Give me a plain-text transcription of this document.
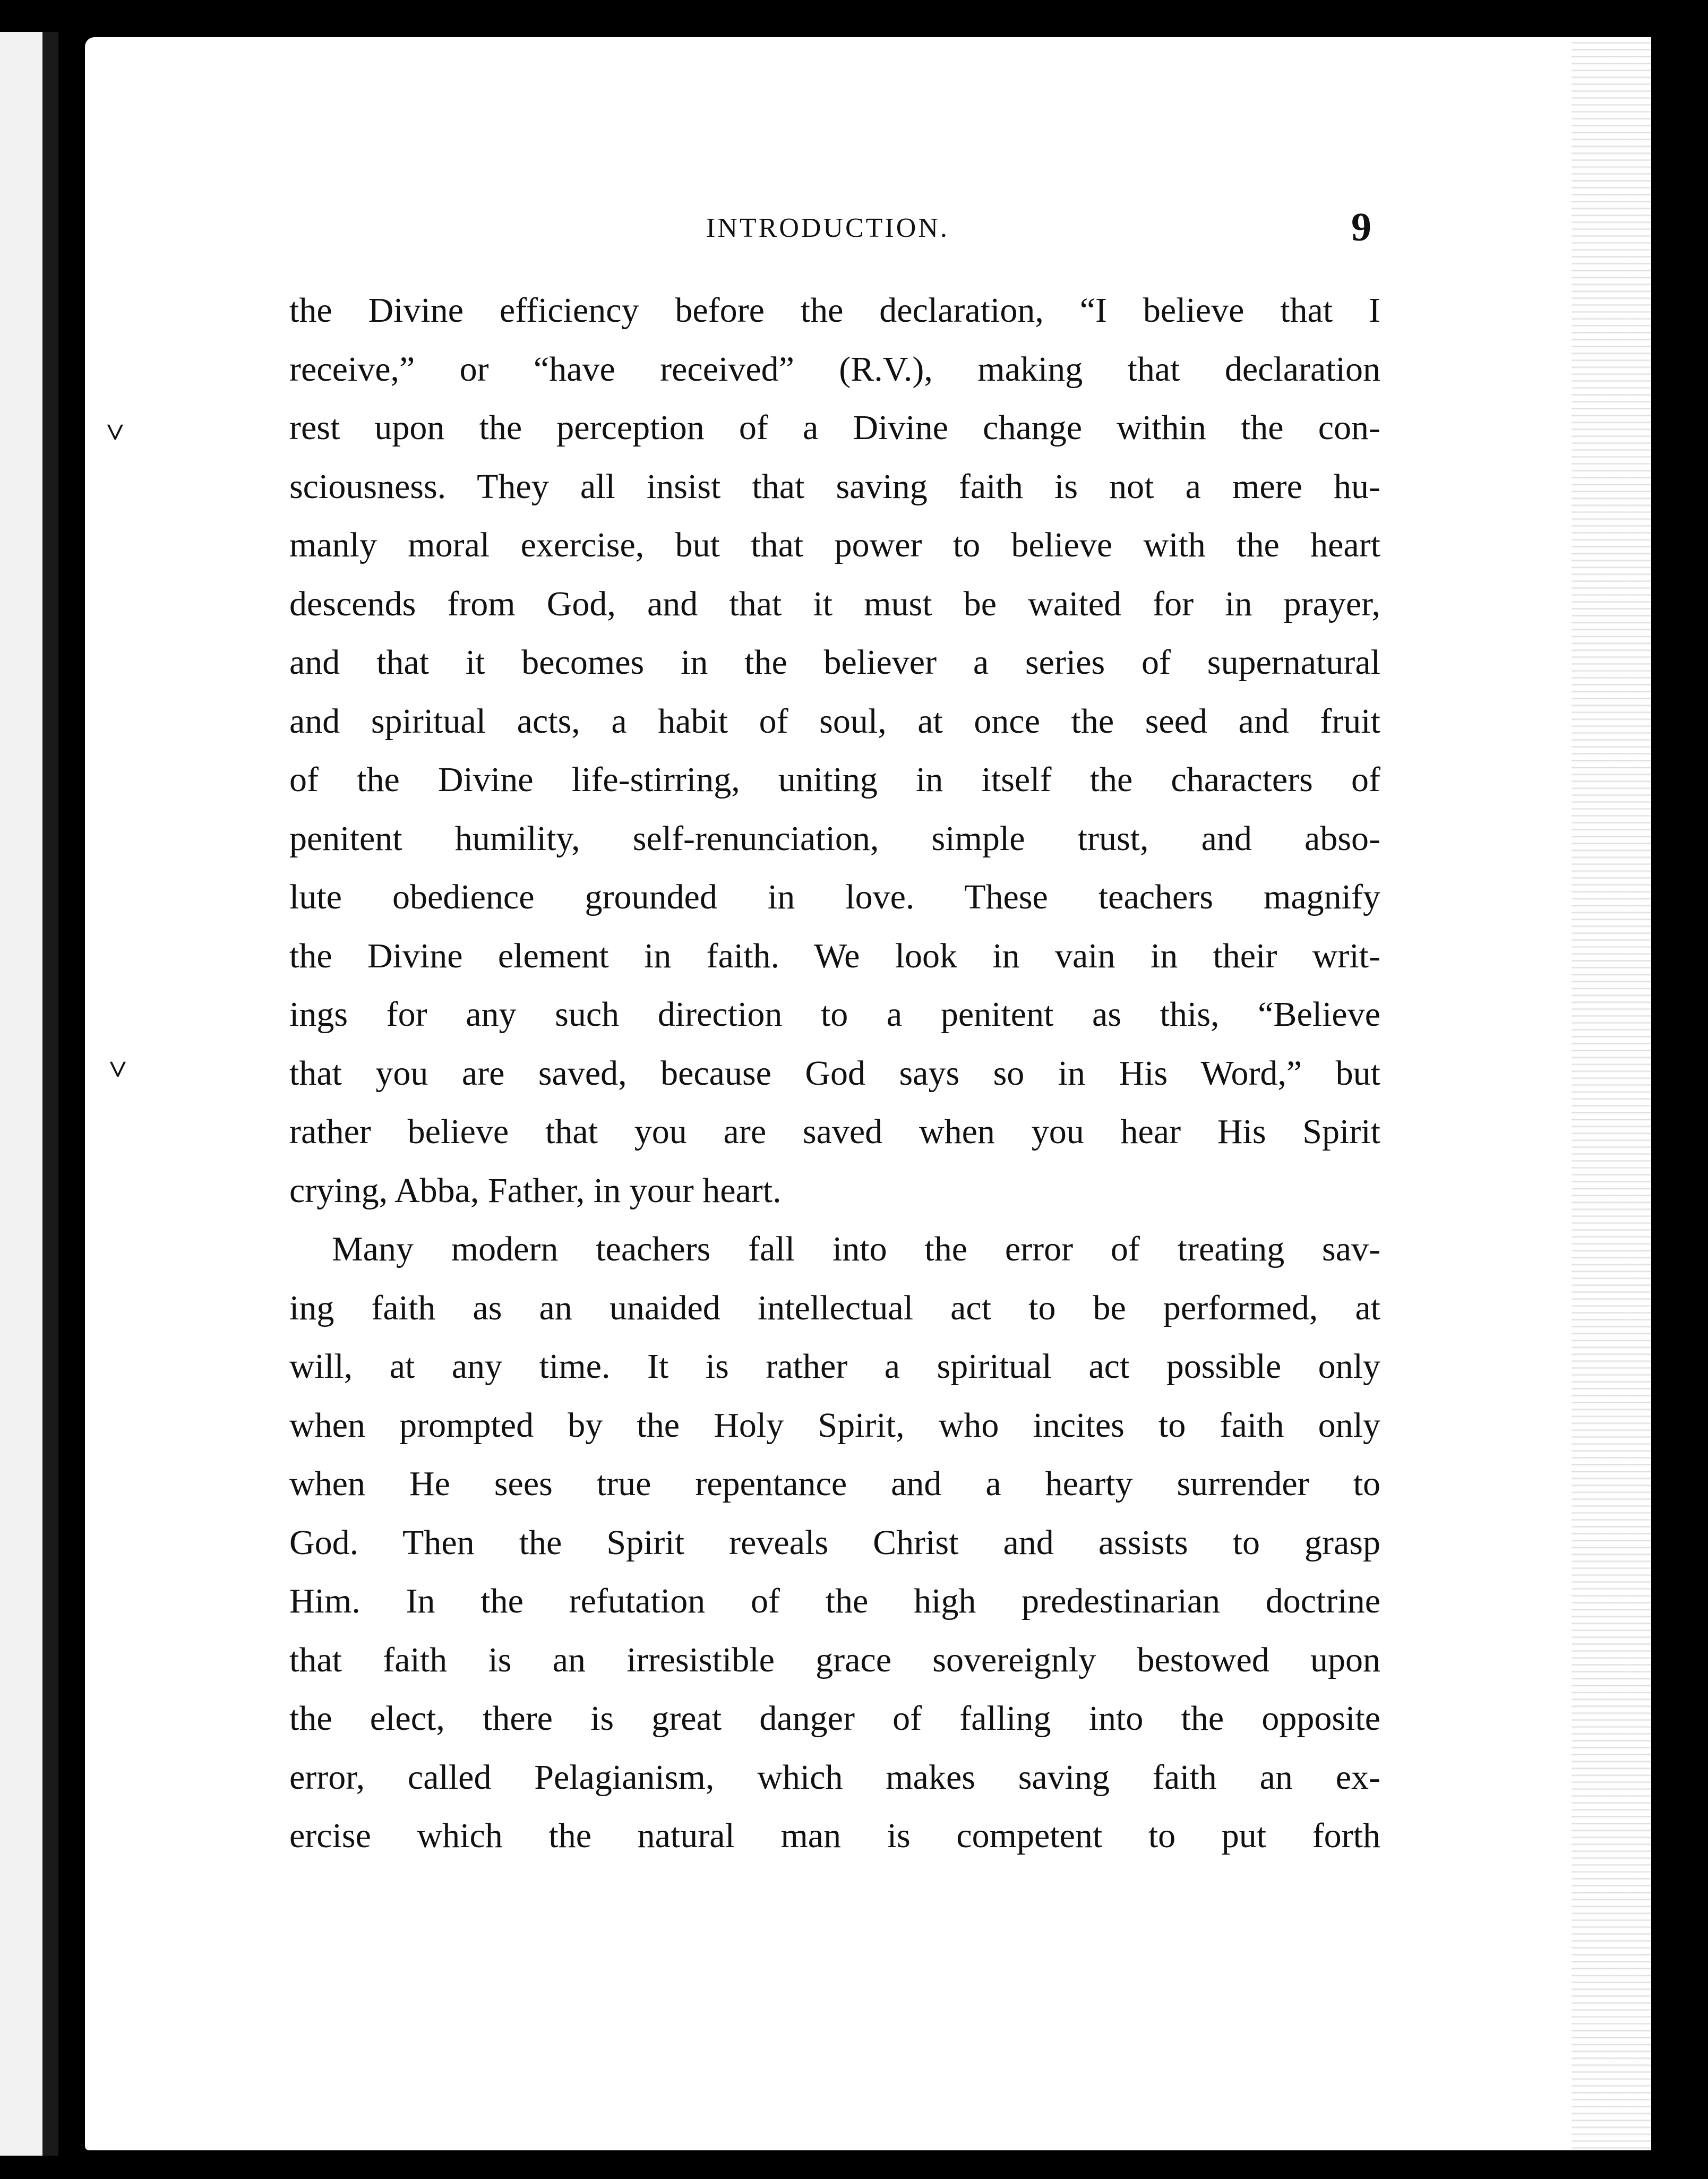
˅
˅
INTRODUCTION.	9
the Divine efficiency before the declaration, “I believe that I
receive,” or “have received” (R.V.), making that declaration
rest upon the perception of a Divine change within the con-
sciousness. They all insist that saving faith is not a mere hu-
manly moral exercise, but that power to believe with the heart
descends from God, and that it must be waited for in prayer,
and that it becomes in the believer a series of supernatural
and spiritual acts, a habit of soul, at once the seed and fruit
of the Divine life-stirring, uniting in itself the characters of
penitent humility, self-renunciation, simple trust, and abso-
lute obedience grounded in love. These teachers magnify
the Divine element in faith. We look in vain in their writ-
ings for any such direction to a penitent as this, “Believe
that you are saved, because God says so in His Word,” but
rather believe that you are saved when you hear His Spirit
crying, Abba, Father, in your heart.
Many modern teachers fall into the error of treating sav-
ing faith as an unaided intellectual act to be performed, at
will, at any time. It is rather a spiritual act possible only
when prompted by the Holy Spirit, who incites to faith only
when He sees true repentance and a hearty surrender to
God. Then the Spirit reveals Christ and assists to grasp
Him. In the refutation of the high predestinarian doctrine
that faith is an irresistible grace sovereignly bestowed upon
the elect, there is great danger of falling into the opposite
error, called Pelagianism, which makes saving faith an ex-
ercise which the natural man is competent to put forth
